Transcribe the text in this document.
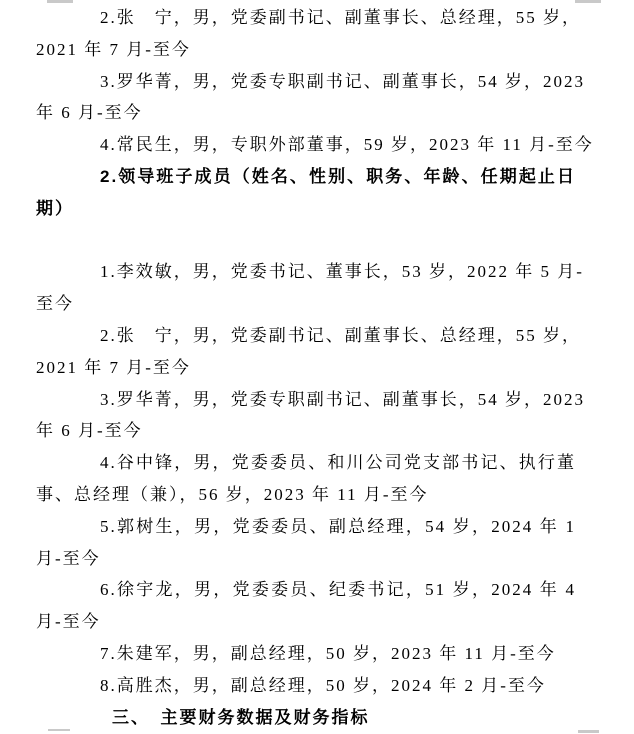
2.张　宁，男，党委副书记、副董事长、总经理，55 岁，
2021 年 7 月-至今
3.罗华菁，男，党委专职副书记、副董事长，54 岁，2023
年 6 月-至今
4.常民生，男，专职外部董事，59 岁，2023 年 11 月-至今
2.领导班子成员（姓名、性别、职务、年龄、任期起止日
期）
1.李效敏，男，党委书记、董事长，53 岁，2022 年 5 月-
至今
2.张　宁，男，党委副书记、副董事长、总经理，55 岁，
2021 年 7 月-至今
3.罗华菁，男，党委专职副书记、副董事长，54 岁，2023
年 6 月-至今
4.谷中锋，男，党委委员、和川公司党支部书记、执行董
事、总经理（兼），56 岁，2023 年 11 月-至今
5.郭树生，男，党委委员、副总经理，54 岁，2024 年 1
月-至今
6.徐宇龙，男，党委委员、纪委书记，51 岁，2024 年 4
月-至今
7.朱建军，男，副总经理，50 岁，2023 年 11 月-至今
8.高胜杰，男，副总经理，50 岁，2024 年 2 月-至今
三、　主要财务数据及财务指标
